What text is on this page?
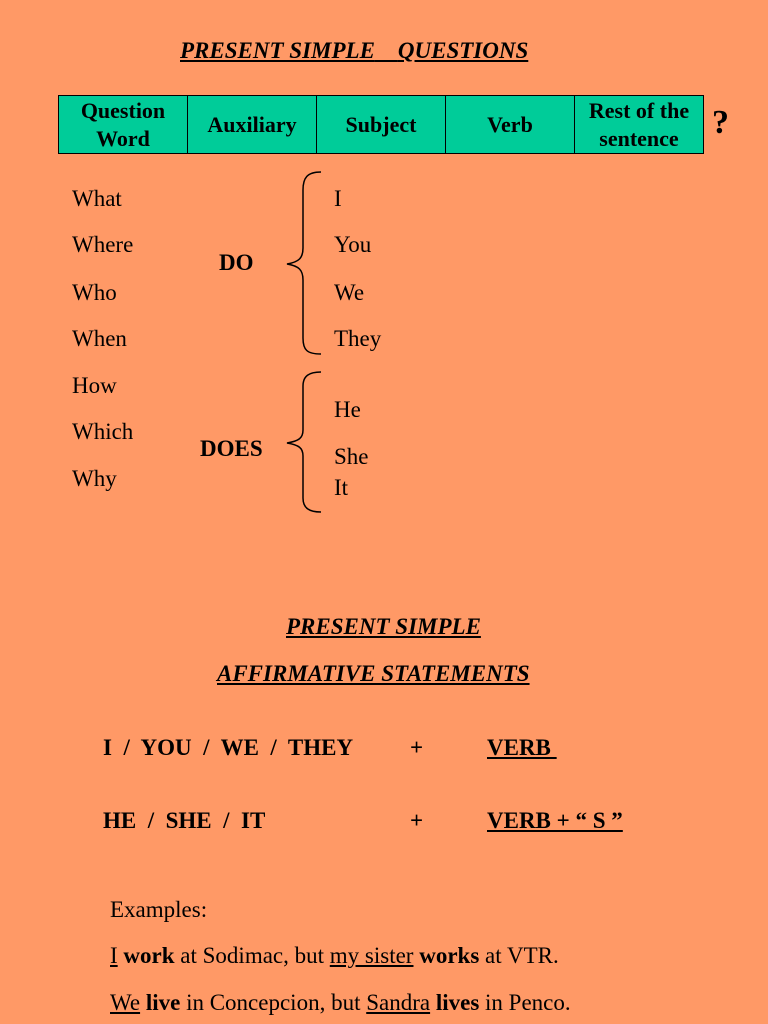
PRESENT SIMPLE QUESTIONS
Question Word	Auxiliary	Subject	Verb	Rest of the sentence ?
What
Where
Who
When
How
Which
Why
DO
DOES
I
You
We
They
He
She
It
PRESENT SIMPLE
AFFIRMATIVE STATEMENTS
I  /  YOU  /  WE  /  THEY +	VERB
HE  /  SHE  /  IT	+	VERB + “ S ”
Examples:
I work at Sodimac, but my sister works at VTR.
We live in Concepcion, but Sandra lives in Penco.
